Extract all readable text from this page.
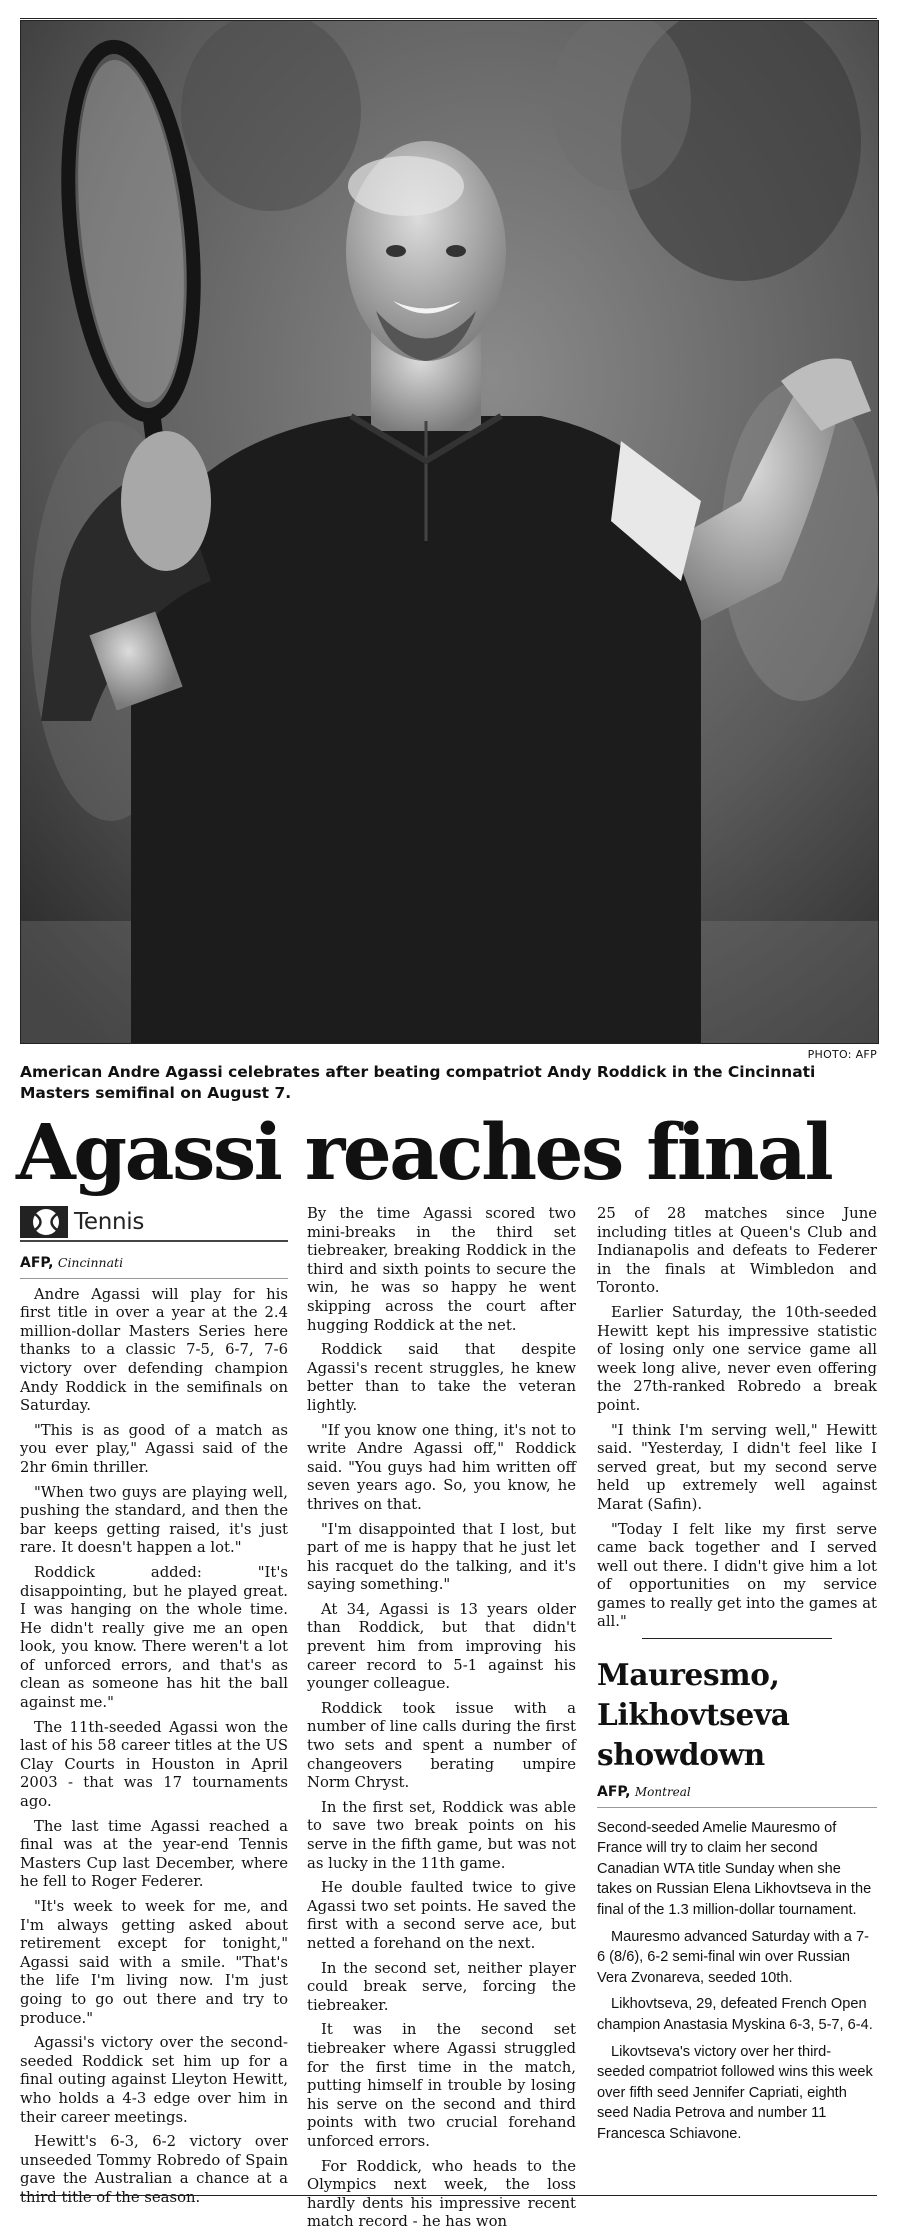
PHOTO: AFP
American Andre Agassi celebrates after beating compatriot Andy Roddick in the Cincinnati Masters semifinal on August 7.
Agassi reaches final
Tennis
AFP, Cincinnati

Andre Agassi will play for his first title in over a year at the 2.4 million-dollar Masters Series here thanks to a classic 7-5, 6-7, 7-6 victory over defending champion Andy Roddick in the semifinals on Saturday.

"This is as good of a match as you ever play," Agassi said of the 2hr 6min thriller.

"When two guys are playing well, pushing the standard, and then the bar keeps getting raised, it's just rare. It doesn't happen a lot."

Roddick added: "It's disappointing, but he played great. I was hanging on the whole time. He didn't really give me an open look, you know. There weren't a lot of unforced errors, and that's as clean as someone has hit the ball against me."

The 11th-seeded Agassi won the last of his 58 career titles at the US Clay Courts in Houston in April 2003 - that was 17 tournaments ago.

The last time Agassi reached a final was at the year-end Tennis Masters Cup last December, where he fell to Roger Federer.

"It's week to week for me, and I'm always getting asked about retirement except for tonight," Agassi said with a smile. "That's the life I'm living now. I'm just going to go out there and try to produce."

Agassi's victory over the second-seeded Roddick set him up for a final outing against Lleyton Hewitt, who holds a 4-3 edge over him in their career meetings.

Hewitt's 6-3, 6-2 victory over unseeded Tommy Robredo of Spain gave the Australian a chance at a third title of the season.

By the time Agassi scored two mini-breaks in the third set tiebreaker, breaking Roddick in the third and sixth points to secure the win, he was so happy he went skipping across the court after hugging Roddick at the net.

Roddick said that despite Agassi's recent struggles, he knew better than to take the veteran lightly.

"If you know one thing, it's not to write Andre Agassi off," Roddick said. "You guys had him written off seven years ago. So, you know, he thrives on that.

"I'm disappointed that I lost, but part of me is happy that he just let his racquet do the talking, and it's saying something."

At 34, Agassi is 13 years older than Roddick, but that didn't prevent him from improving his career record to 5-1 against his younger colleague.

Roddick took issue with a number of line calls during the first two sets and spent a number of changeovers berating umpire Norm Chryst.

In the first set, Roddick was able to save two break points on his serve in the fifth game, but was not as lucky in the 11th game.

He double faulted twice to give Agassi two set points. He saved the first with a second serve ace, but netted a forehand on the next.

In the second set, neither player could break serve, forcing the tiebreaker.

It was in the second set tiebreaker where Agassi struggled for the first time in the match, putting himself in trouble by losing his serve on the second and third points with two crucial forehand unforced errors.

For Roddick, who heads to the Olympics next week, the loss hardly dents his impressive recent match record - he has won

25 of 28 matches since June including titles at Queen's Club and Indianapolis and defeats to Federer in the finals at Wimbledon and Toronto.

Earlier Saturday, the 10th-seeded Hewitt kept his impressive statistic of losing only one service game all week long alive, never even offering the 27th-ranked Robredo a break point.

"I think I'm serving well," Hewitt said. "Yesterday, I didn't feel like I served great, but my second serve held up extremely well against Marat (Safin).

"Today I felt like my first serve came back together and I served well out there. I didn't give him a lot of opportunities on my service games to really get into the games at all."

Mauresmo, Likhovtseva showdown
AFP, Montreal

Second-seeded Amelie Mauresmo of France will try to claim her second Canadian WTA title Sunday when she takes on Russian Elena Likhovtseva in the final of the 1.3 million-dollar tournament.

Mauresmo advanced Saturday with a 7-6 (8/6), 6-2 semi-final win over Russian Vera Zvonareva, seeded 10th.

Likhovtseva, 29, defeated French Open champion Anastasia Myskina 6-3, 5-7, 6-4.

Likovtseva's victory over her third-seeded compatriot followed wins this week over fifth seed Jennifer Capriati, eighth seed Nadia Petrova and number 11 Francesca Schiavone.
